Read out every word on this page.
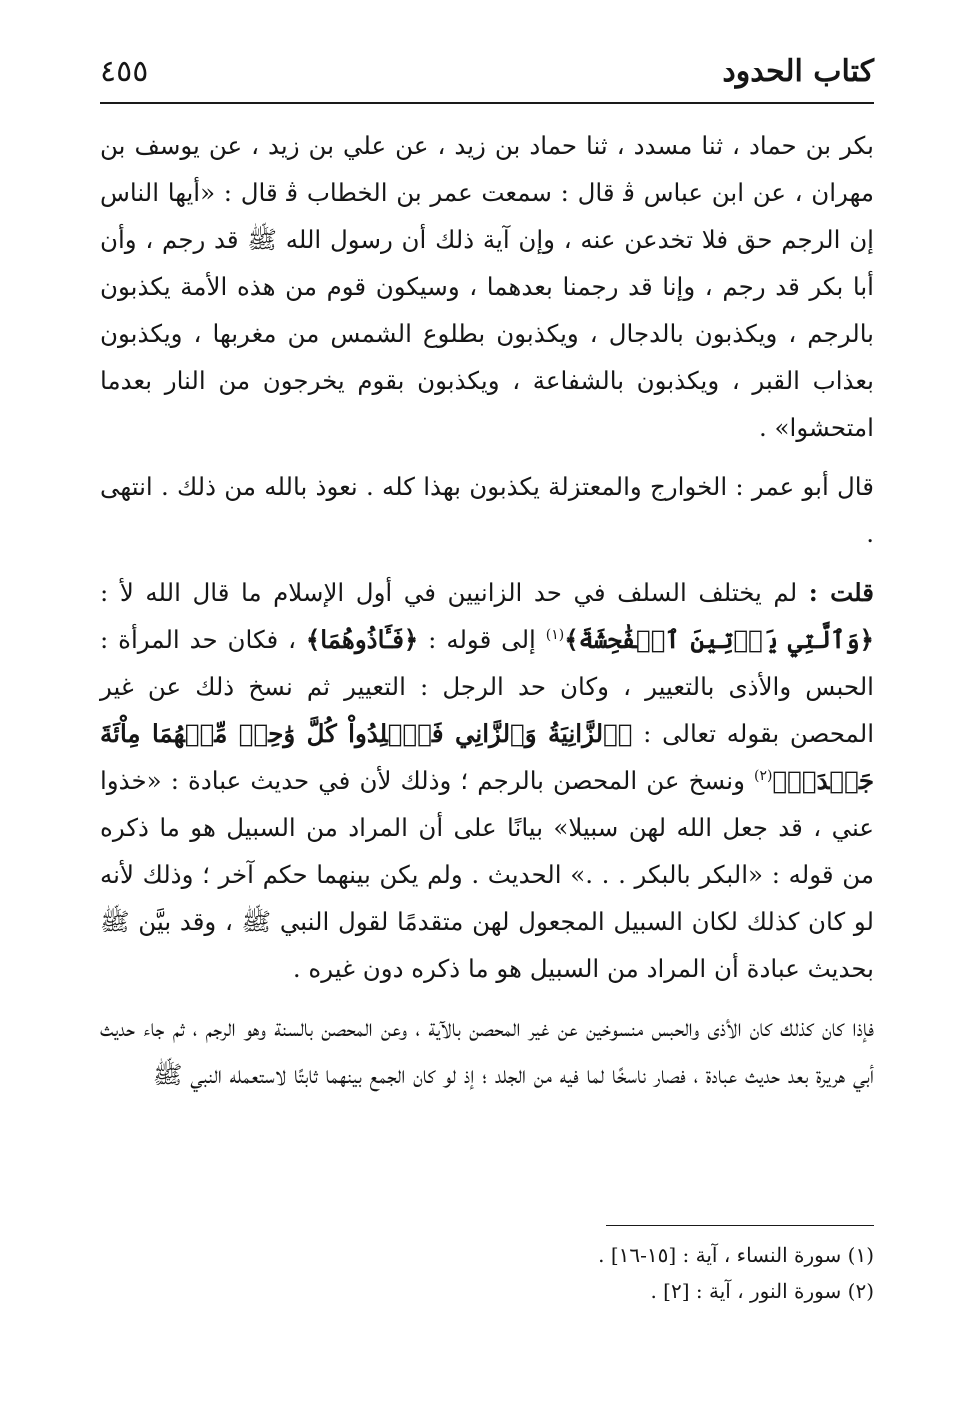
كتاب الحدود
٤٥٥

بكر بن حماد ، ثنا مسدد ، ثنا حماد بن زيد ، عن علي بن زيد ، عن يوسف بن مهران ، عن ابن عباس ﭬ قال : سمعت عمر بن الخطاب ﭬ قال : «أيها الناس إن الرجم حق فلا تخدعن عنه ، وإن آية ذلك أن رسول الله ﷺ قد رجم ، وأن أبا بكر قد رجم ، وإنا قد رجمنا بعدهما ، وسيكون قوم من هذه الأمة يكذبون بالرجم ، ويكذبون بالدجال ، ويكذبون بطلوع الشمس من مغربها ، ويكذبون بعذاب القبر ، ويكذبون بالشفاعة ، ويكذبون بقوم يخرجون من النار بعدما امتحشوا» .

قال أبو عمر : الخوارج والمعتزلة يكذبون بهذا كله . نعوذ بالله من ذلك . انتهى .

قلت : لم يختلف السلف في حد الزانيين في أول الإسلام ما قال الله ﻷ : ﴿وَٱلَّتِي يَأۡتِينَ ٱلۡفَٰحِشَةَ﴾$^{(١)}$ إلى قوله : ﴿فَـَٔاذُوهُمَا﴾ ، فكان حد المرأة : الحبس والأذى بالتعيير ، وكان حد الرجل : التعيير ثم نسخ ذلك عن غير المحصن بقوله تعالى : ﴿ٱلزَّانِيَةُ وَٱلزَّانِي فَٱجۡلِدُواْ كُلَّ وَٰحِدٖ مِّنۡهُمَا مِاْئَةَ جَلۡدَةٖ﴾$^{(٢)}$ ونسخ عن المحصن بالرجم ؛ وذلك لأن في حديث عبادة : «خذوا عني ، قد جعل الله لهن سبيلا» بيانًا على أن المراد من السبيل هو ما ذكره من قوله : «البكر بالبكر . . .» الحديث . ولم يكن بينهما حكم آخر ؛ وذلك لأنه لو كان كذلك لكان السبيل المجعول لهن متقدمًا لقول النبي ﷺ ، وقد بيَّن ﷺ بحديث عبادة أن المراد من السبيل هو ما ذكره دون غيره .

فإذا كان كذلك كان الأذى والحبس منسوخين عن غير المحصن بالآية ، وعن المحصن بالسنة وهو الرجم ، ثم جاء حديث أبي هريرة بعد حديث عبادة ، فصار ناسخًا لما فيه من الجلد ؛ إذ لو كان الجمع بينهما ثابتًا لاستعمله النبي ﷺ

(١) سورة النساء ، آية : [١٥-١٦] .

(٢) سورة النور ، آية : [٢] .
